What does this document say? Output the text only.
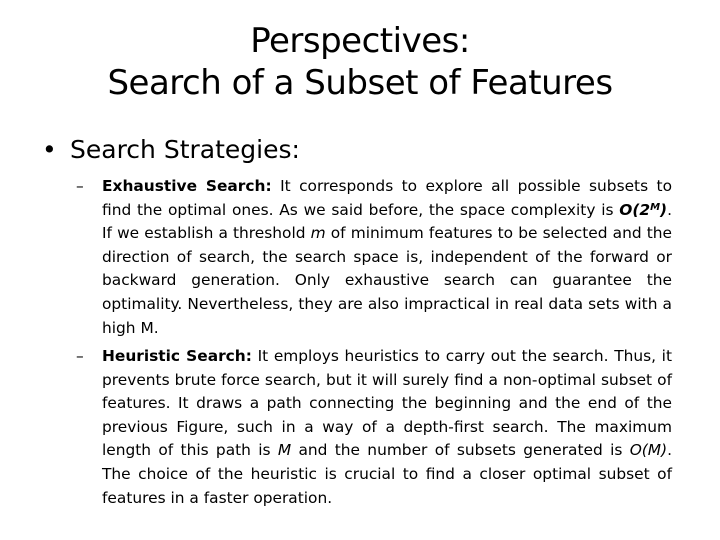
Perspectives:
Search of a Subset of Features
• Search Strategies:
– Exhaustive Search: It corresponds to explore all possible subsets to find the optimal ones. As we said before, the space complexity is $O(2^M)$. If we establish a threshold m of minimum features to be selected and the direction of search, the search space is, independent of the forward or backward generation. Only exhaustive search can guarantee the optimality. Nevertheless, they are also impractical in real data sets with a high M.
– Heuristic Search: It employs heuristics to carry out the search. Thus, it prevents brute force search, but it will surely find a non-optimal subset of features. It draws a path connecting the beginning and the end of the previous Figure, such in a way of a depth-first search. The maximum length of this path is M and the number of subsets generated is O(M). The choice of the heuristic is crucial to find a closer optimal subset of features in a faster operation.
